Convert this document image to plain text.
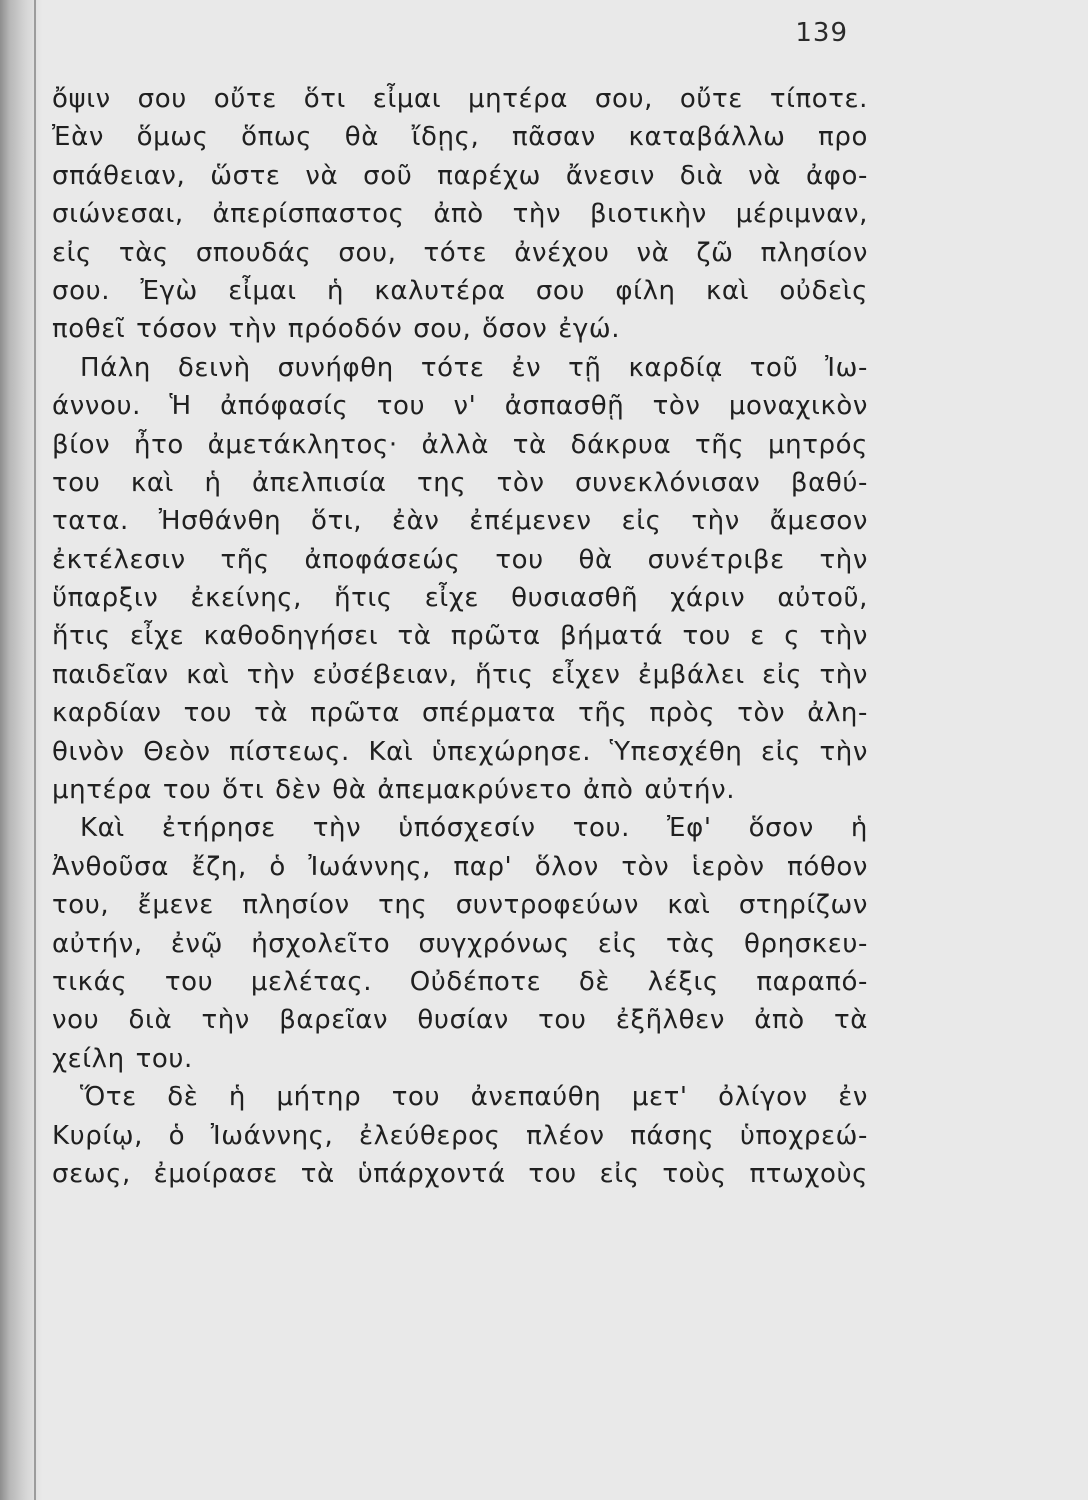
139
ὄψιν σου οὔτε ὅτι εἶμαι μητέρα σου, οὔτε τίποτε.
Ἐὰν ὅμως ὅπως θὰ ἴδῃς, πᾶσαν καταβάλλω προ
σπάθειαν, ὥστε νὰ σοῦ παρέχω ἄνεσιν διὰ νὰ ἀφο-
σιώνεσαι, ἀπερίσπαστος ἀπὸ τὴν βιοτικὴν μέριμναν,
εἰς τὰς σπουδάς σου, τότε ἀνέχου νὰ ζῶ πλησίον
σου. Ἐγὼ εἶμαι ἡ καλυτέρα σου φίλη καὶ οὐδεὶς
ποθεῖ τόσον τὴν πρόοδόν σου, ὅσον ἐγώ.
Πάλη δεινὴ συνήφθη τότε ἐν τῇ καρδίᾳ τοῦ Ἰω-
άννου. Ἡ ἀπόφασίς του ν' ἀσπασθῇ τὸν μοναχικὸν
βίον ἦτο ἀμετάκλητος· ἀλλὰ τὰ δάκρυα τῆς μητρός
του καὶ ἡ ἀπελπισία της τὸν συνεκλόνισαν βαθύ-
τατα. Ἠσθάνθη ὅτι, ἐὰν ἐπέμενεν εἰς τὴν ἄμεσον
ἐκτέλεσιν τῆς ἀποφάσεώς του θὰ συνέτριβε τὴν
ὕπαρξιν ἐκείνης, ἥτις εἶχε θυσιασθῆ χάριν αὐτοῦ,
ἥτις εἶχε καθοδηγήσει τὰ πρῶτα βήματά του ε ς τὴν
παιδεῖαν καὶ τὴν εὐσέβειαν, ἥτις εἶχεν ἐμβάλει εἰς τὴν
καρδίαν του τὰ πρῶτα σπέρματα τῆς πρὸς τὸν ἀλη-
θινὸν Θεὸν πίστεως. Καὶ ὑπεχώρησε. Ὑπεσχέθη εἰς τὴν
μητέρα του ὅτι δὲν θὰ ἀπεμακρύνετο ἀπὸ αὐτήν.
Καὶ ἐτήρησε τὴν ὑπόσχεσίν του. Ἐφ' ὅσον ἡ
Ἀνθοῦσα ἔζη, ὁ Ἰωάννης, παρ' ὅλον τὸν ἱερὸν πόθον
του, ἔμενε πλησίον της συντροφεύων καὶ στηρίζων
αὐτήν, ἐνῷ ἠσχολεῖτο συγχρόνως εἰς τὰς θρησκευ-
τικάς του μελέτας. Οὐδέποτε δὲ λέξις παραπό-
νου διὰ τὴν βαρεῖαν θυσίαν του ἐξῆλθεν ἀπὸ τὰ
χείλη του.
Ὅτε δὲ ἡ μήτηρ του ἀνεπαύθη μετ' ὀλίγον ἐν
Κυρίῳ, ὁ Ἰωάννης, ἐλεύθερος πλέον πάσης ὑποχρεώ-
σεως, ἐμοίρασε τὰ ὑπάρχοντά του εἰς τοὺς πτωχοὺς
